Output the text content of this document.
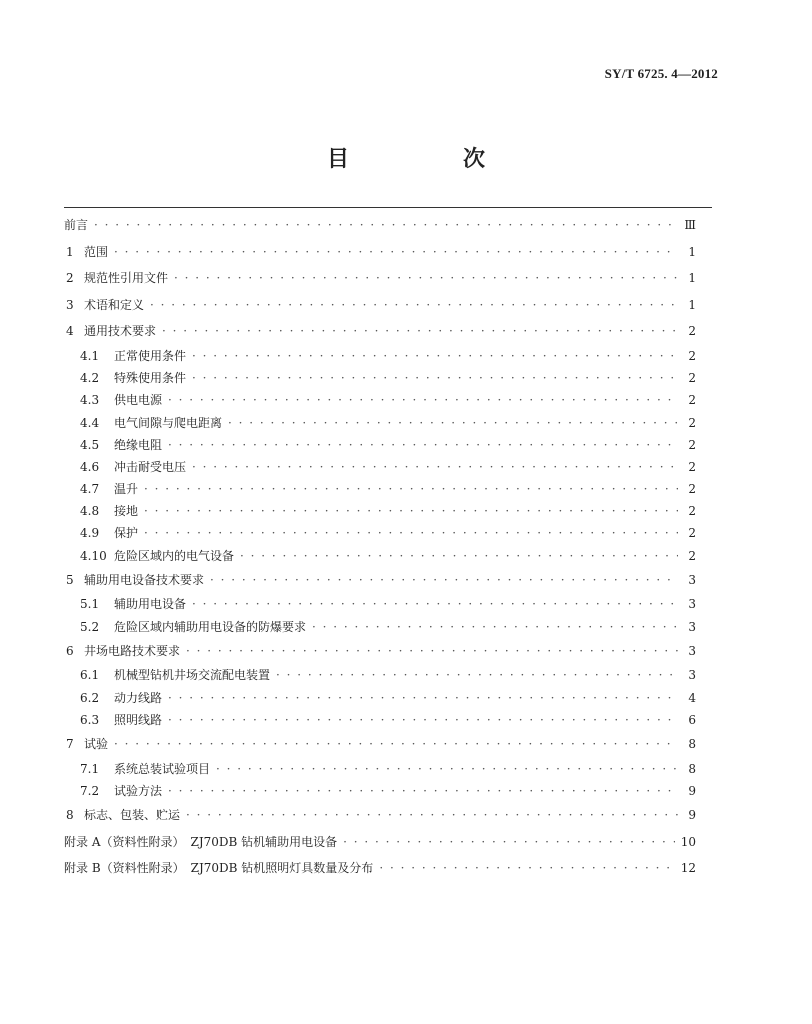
SY/T 6725. 4—2012
目　次
前言 · · ·	Ⅲ
1 范围 · · ·	1
2 规范性引用文件 · · ·	1
3 术语和定义 · · ·	1
4 通用技术要求 · · ·	2
4.1	正常使用条件 · · ·	2
4.2	特殊使用条件 · · ·	2
4.3	供电电源 · · ·	2
4.4	电气间隙与爬电距离 · · ·	2
4.5	绝缘电阻 · · ·	2
4.6	冲击耐受电压 · · ·	2
4.7	温升 · · ·	2
4.8	接地 · · ·	2
4.9	保护 · · ·	2
4.10 危险区域内的电气设备 · · ·	2
5 辅助用电设备技术要求 · · ·	3
5.1	辅助用电设备 · · ·	3
5.2	危险区域内辅助用电设备的防爆要求 · · ·	3
6 井场电路技术要求 · · ·	3
6.1	机械型钻机井场交流配电装置 · · ·	3
6.2	动力线路 · · ·	4
6.3	照明线路 · · ·	6
7 试验 · · ·	8
7.1	系统总装试验项目 · · ·	8
7.2	试验方法 · · ·	9
8 标志、包装、贮运 · · ·	9
附录 A（资料性附录）　ZJ70DB 钻机辅助用电设备 · · ·	10
附录 B（资料性附录）　ZJ70DB 钻机照明灯具数量及分布 · · ·	12
